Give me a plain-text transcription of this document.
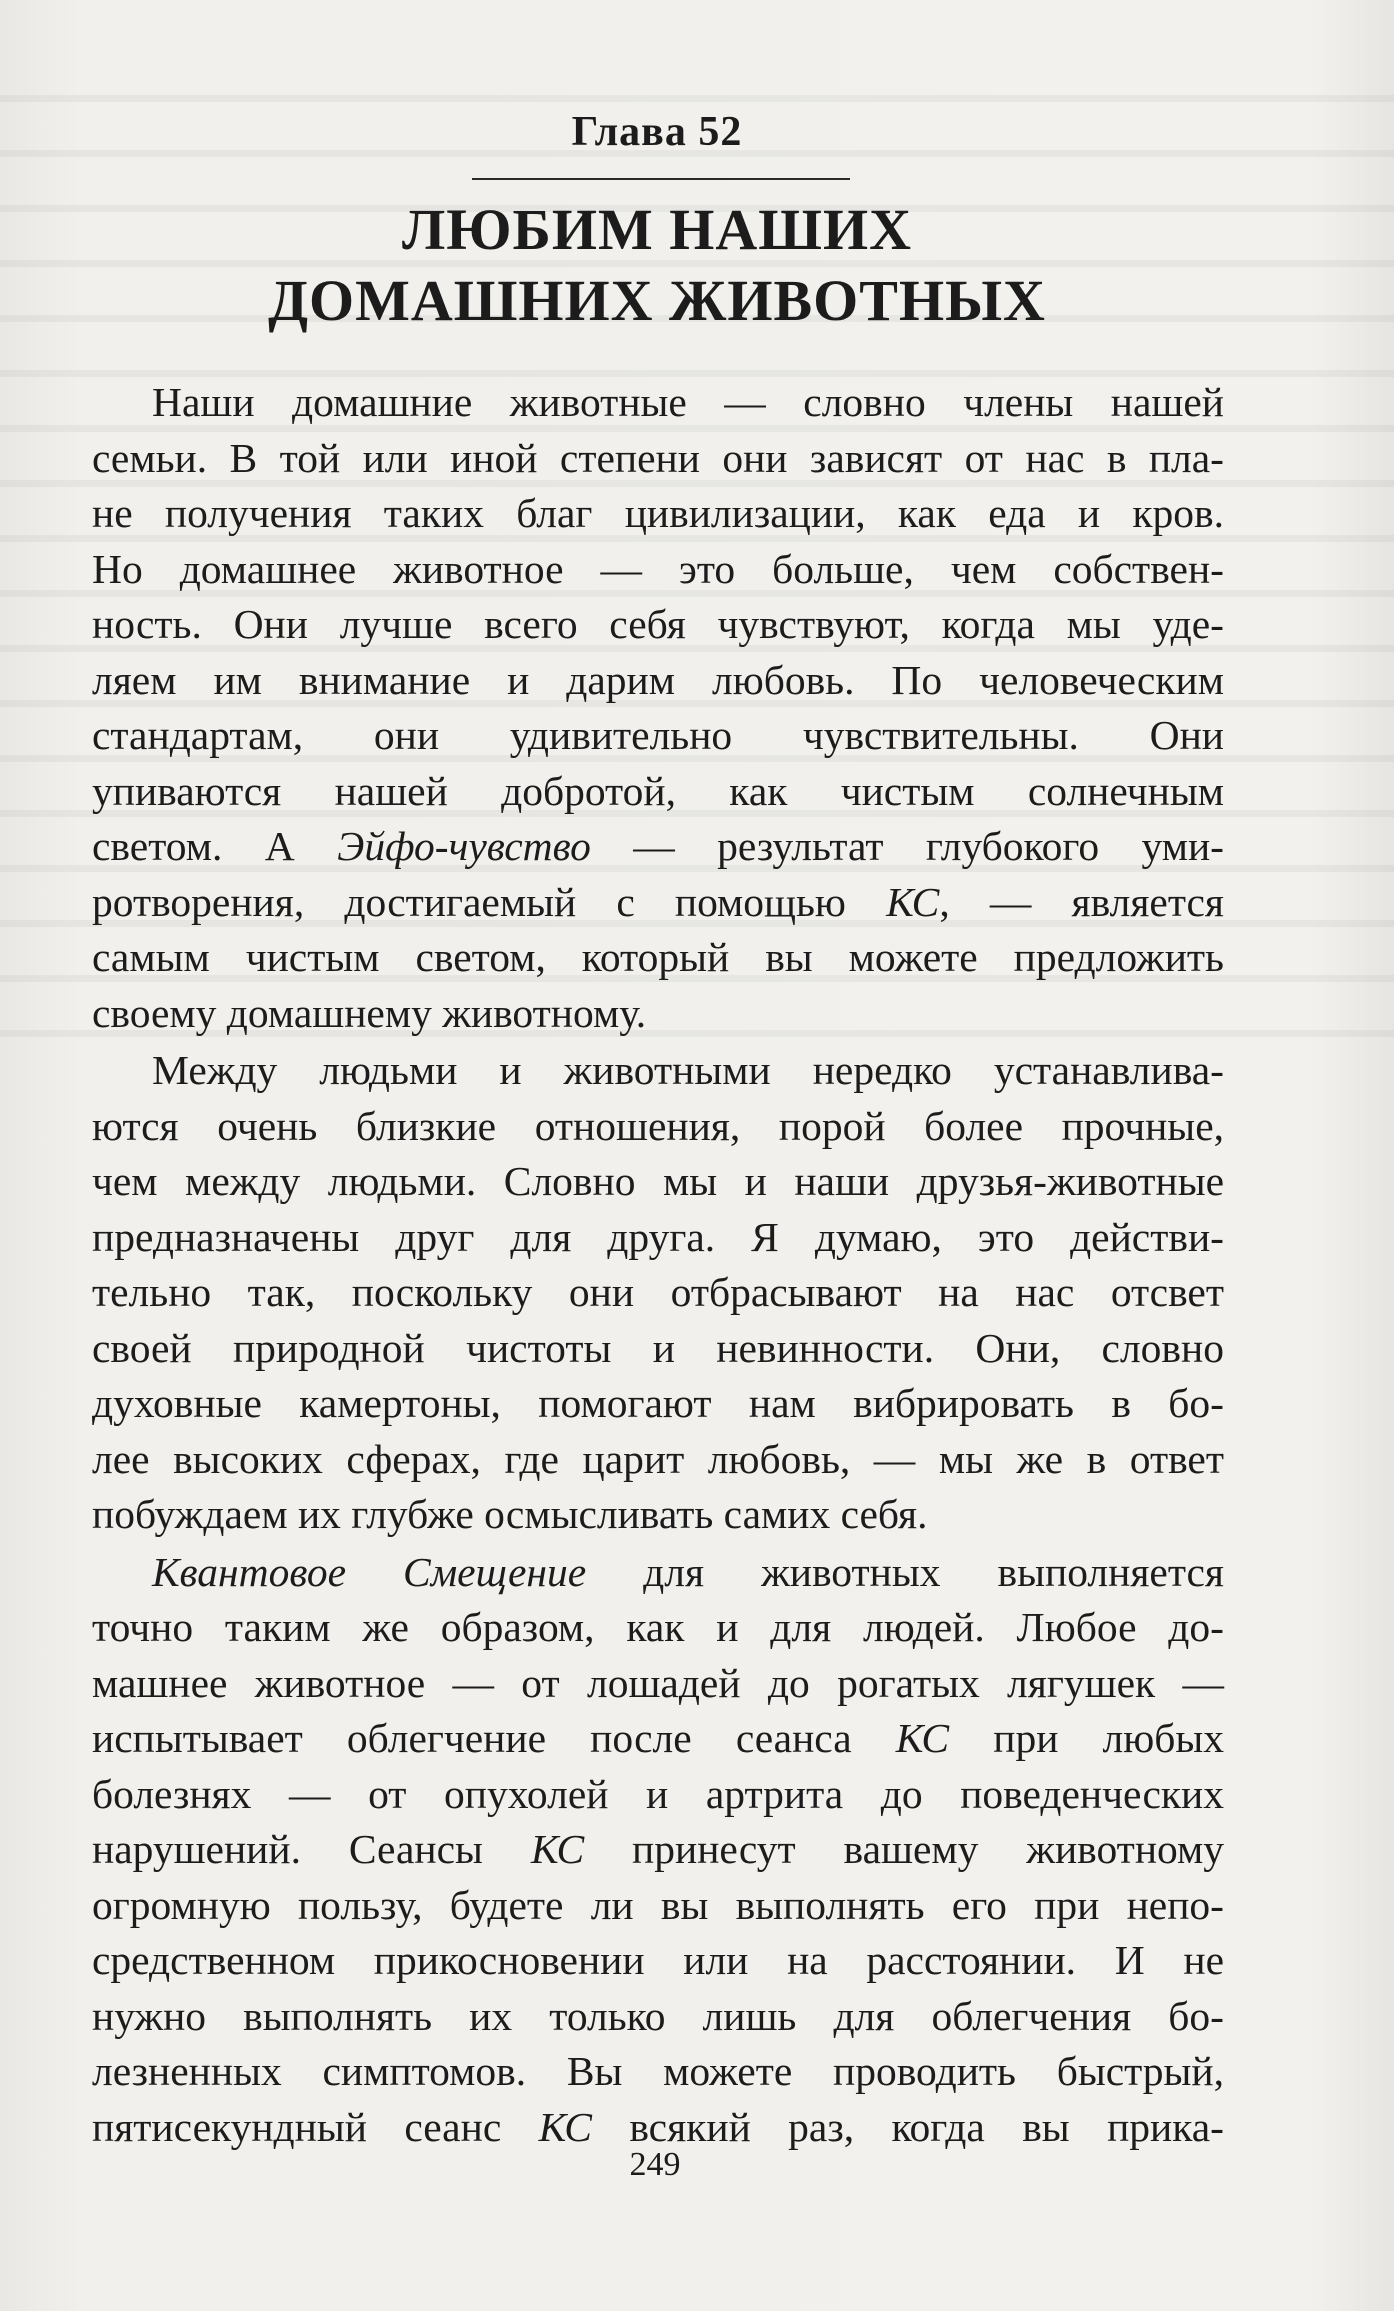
Глава 52
ЛЮБИМ НАШИХ
ДОМАШНИХ ЖИВОТНЫХ

Наши домашние животные — словно члены нашей
семьи. В той или иной степени они зависят от нас в пла-
не получения таких благ цивилизации, как еда и кров.
Но домашнее животное — это больше, чем собствен-
ность. Они лучше всего себя чувствуют, когда мы уде-
ляем им внимание и дарим любовь. По человеческим
стандартам, они удивительно чувствительны. Они
упиваются нашей добротой, как чистым солнечным
светом. А Эйфо-чувство — результат глубокого уми-
ротворения, достигаемый с помощью КС, — является
самым чистым светом, который вы можете предложить
своему домашнему животному.

Между людьми и животными нередко устанавлива-
ются очень близкие отношения, порой более прочные,
чем между людьми. Словно мы и наши друзья-животные
предназначены друг для друга. Я думаю, это действи-
тельно так, поскольку они отбрасывают на нас отсвет
своей природной чистоты и невинности. Они, словно
духовные камертоны, помогают нам вибрировать в бо-
лее высоких сферах, где царит любовь, — мы же в ответ
побуждаем их глубже осмысливать самих себя.

Квантовое Смещение для животных выполняется
точно таким же образом, как и для людей. Любое до-
машнее животное — от лошадей до рогатых лягушек —
испытывает облегчение после сеанса КС при любых
болезнях — от опухолей и артрита до поведенческих
нарушений. Сеансы КС принесут вашему животному
огромную пользу, будете ли вы выполнять его при непо-
средственном прикосновении или на расстоянии. И не
нужно выполнять их только лишь для облегчения бо-
лезненных симптомов. Вы можете проводить быстрый,
пятисекундный сеанс КС всякий раз, когда вы прика-

249
